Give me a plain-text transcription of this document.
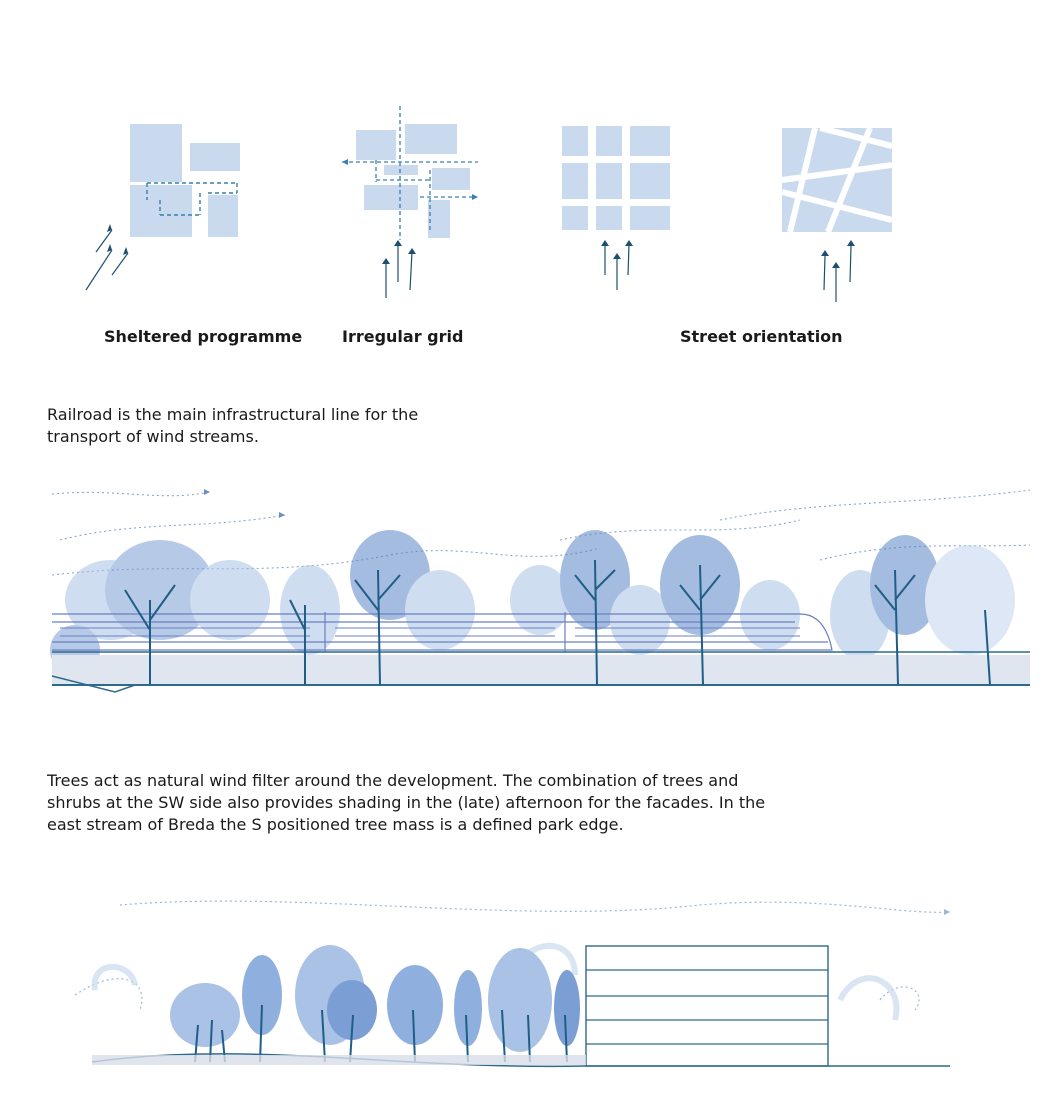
Sheltered programme Irregular grid	Street orientation
Railroad is the main infrastructural line for the
transport of wind streams.
Trees act as natural wind filter around the development. The combination of trees and
shrubs at the SW side also provides shading in the (late) afternoon for the facades. In the
east stream of Breda the S positioned tree mass is a defined park edge.
